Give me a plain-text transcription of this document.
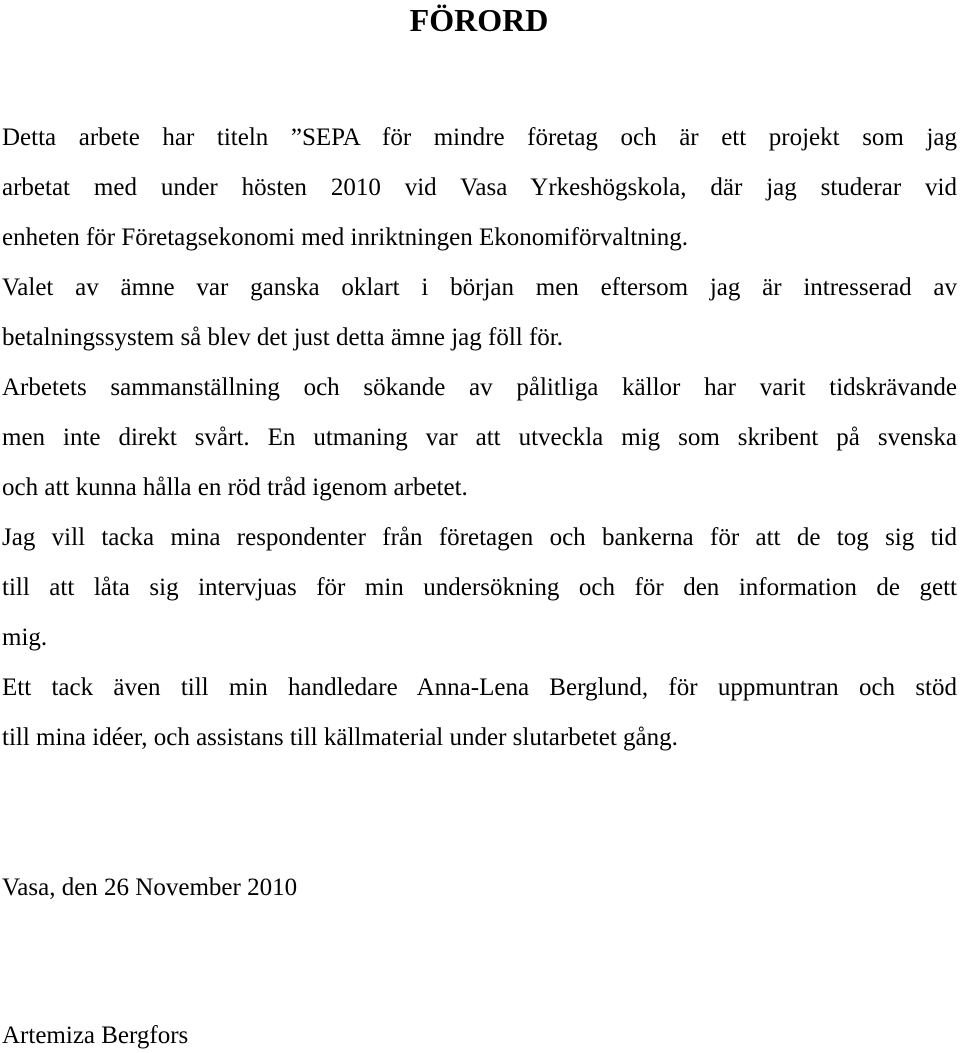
FÖRORD

Detta arbete har titeln ”SEPA för mindre företag och är ett projekt som jag

arbetat med under hösten 2010 vid Vasa Yrkeshögskola, där jag studerar vid

enheten för Företagsekonomi med inriktningen Ekonomiförvaltning.

Valet av ämne var ganska oklart i början men eftersom jag är intresserad av

betalningssystem så blev det just detta ämne jag föll för.

Arbetets sammanställning och sökande av pålitliga källor har varit tidskrävande

men inte direkt svårt. En utmaning var att utveckla mig som skribent på svenska

och att kunna hålla en röd tråd igenom arbetet.

Jag vill tacka mina respondenter från företagen och bankerna för att de tog sig tid

till att låta sig intervjuas för min undersökning och för den information de gett

mig.

Ett tack även till min handledare Anna-Lena Berglund, för uppmuntran och stöd

till mina idéer, och assistans till källmaterial under slutarbetet gång.

Vasa, den 26 November 2010

Artemiza Bergfors
